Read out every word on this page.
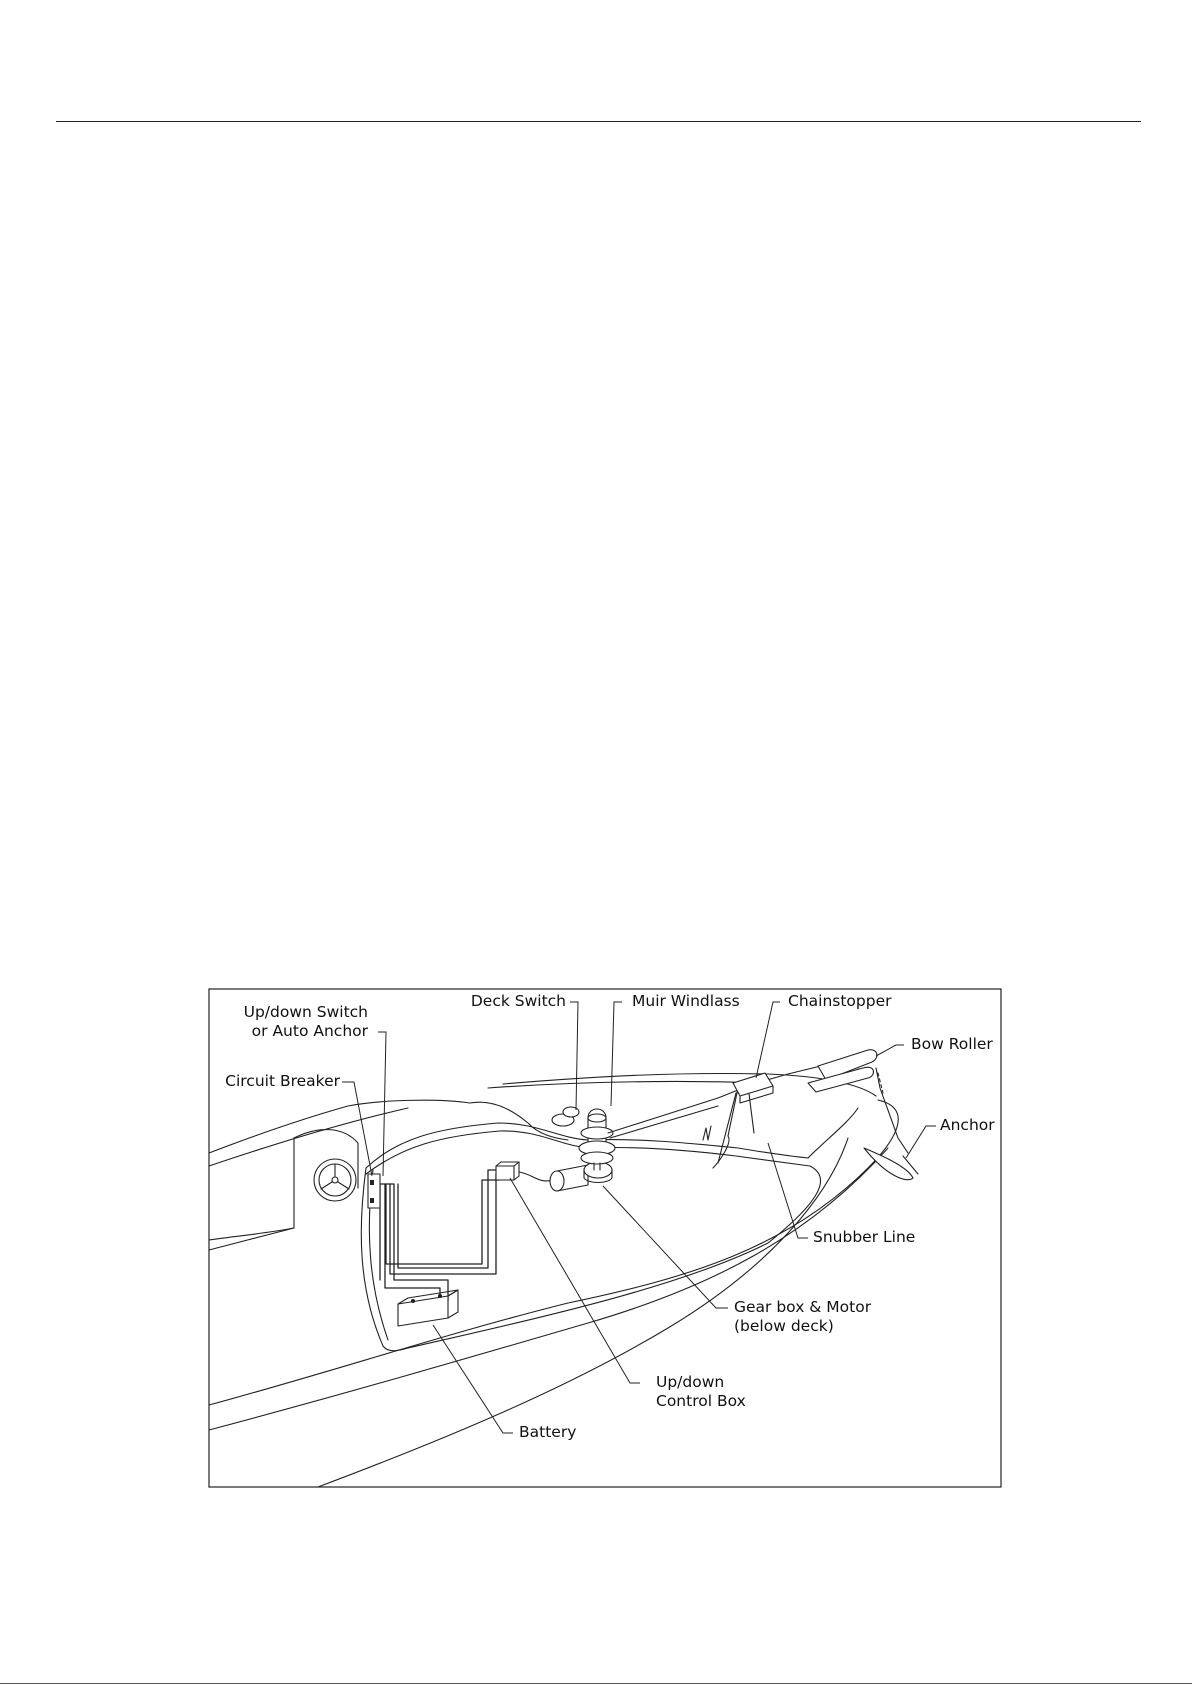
Up/down Switch
or Auto Anchor
Circuit Breaker
Deck Switch	Muir Windlass	Chainstopper
Bow Roller
Anchor
Snubber Line
Gear box & Motor
(below deck)
Up/down
Control Box
Battery
